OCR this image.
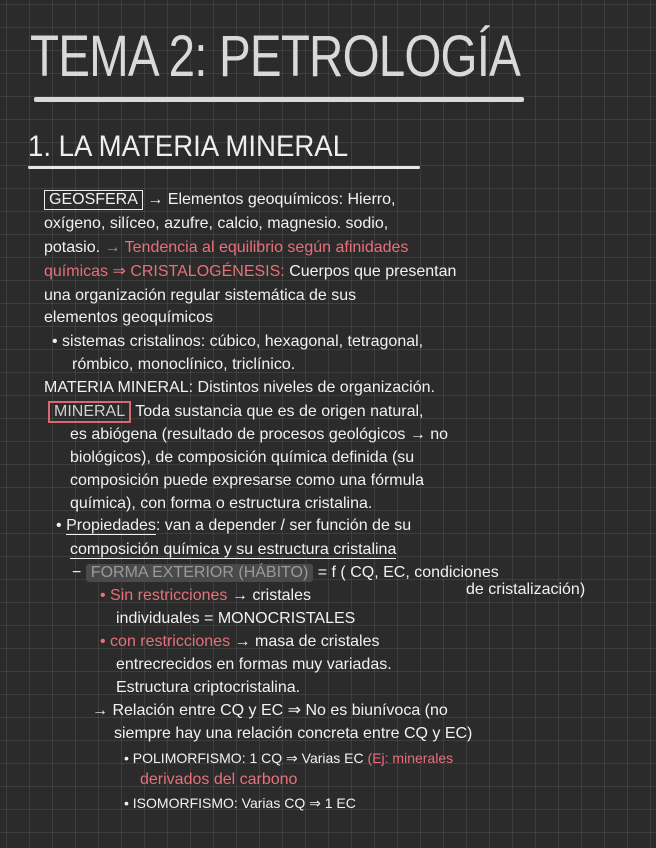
TEMA 2: PETROLOGÍA
1. LA MATERIA MINERAL
GEOSFERA → Elementos geoquímicos: Hierro,
oxígeno, silíceo, azufre, calcio, magnesio. sodio,
potasio. → Tendencia al equilibrio según afinidades
químicas ⇒ CRISTALOGÉNESIS: Cuerpos que presentan
una organización regular sistemática de sus
elementos geoquímicos
• sistemas cristalinos: cúbico, hexagonal, tetragonal,
rómbico, monoclínico, triclínico.
MATERIA MINERAL: Distintos niveles de organización.
MINERAL Toda sustancia que es de origen natural,
es abiógena (resultado de procesos geológicos → no
biológicos), de composición química definida (su
composición puede expresarse como una fórmula
química), con forma o estructura cristalina.
• Propiedades: van a depender / ser función de su
composición química y su estructura cristalina
− FORMA EXTERIOR (HÁBITO) = f ( CQ, EC, condiciones
• Sin restricciones → cristales	de cristalización)
individuales = MONOCRISTALES
• con restricciones → masa de cristales
entrecrecidos en formas muy variadas.
Estructura criptocristalina.
→ Relación entre CQ y EC ⇒ No es biunívoca (no
siempre hay una relación concreta entre CQ y EC)
• POLIMORFISMO: 1 CQ ⇒ Varias EC (Ej: minerales
derivados del carbono
• ISOMORFISMO: Varias CQ ⇒ 1 EC
